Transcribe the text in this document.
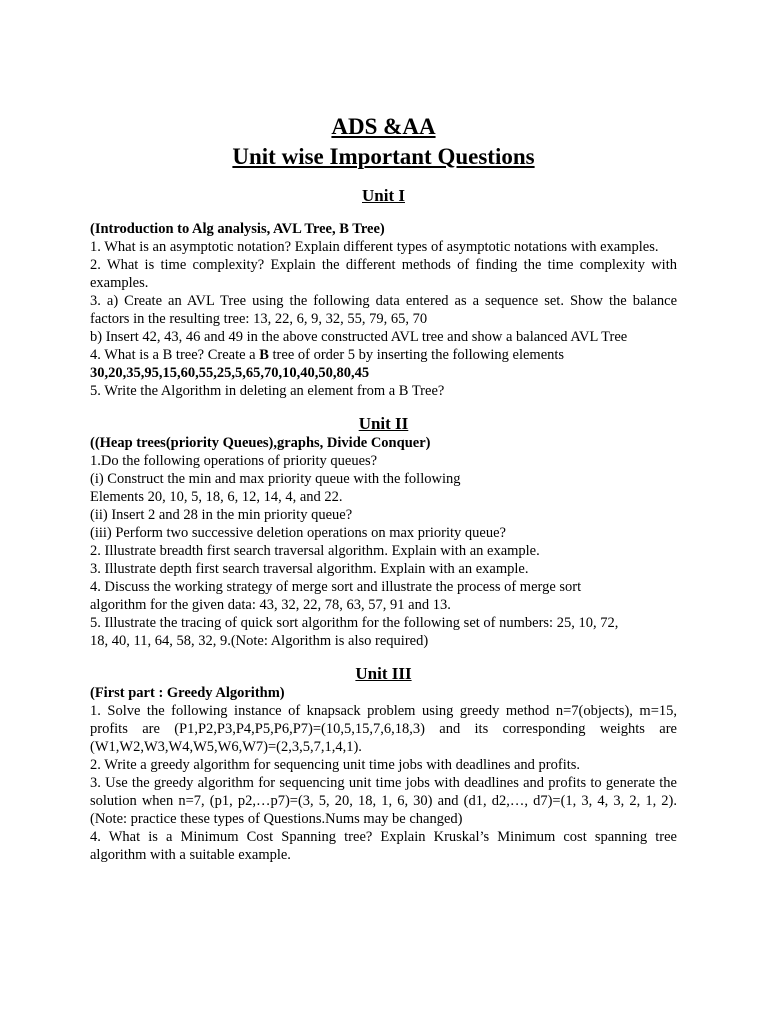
ADS &AA

Unit wise Important Questions

Unit I

(Introduction to Alg analysis, AVL Tree, B Tree)

1. What is an asymptotic notation? Explain different types of asymptotic notations with examples.

2. What is time complexity? Explain the different methods of finding the time complexity with examples.

3. a) Create an AVL Tree using the following data entered as a sequence set. Show the balance factors in the resulting tree: 13, 22, 6, 9, 32, 55, 79, 65, 70

b) Insert 42, 43, 46 and 49 in the above constructed AVL tree and show a balanced AVL Tree

4. What is a B tree? Create a B tree of order 5 by inserting the following elements

30,20,35,95,15,60,55,25,5,65,70,10,40,50,80,45

5. Write the Algorithm in deleting an element from a B Tree?

Unit II

((Heap trees(priority Queues),graphs, Divide Conquer)

1.Do the following operations of priority queues?

(i) Construct the min and max priority queue with the following

Elements 20, 10, 5, 18, 6, 12, 14, 4, and 22.

(ii) Insert 2 and 28 in the min priority queue?

(iii) Perform two successive deletion operations on max priority queue?

2. Illustrate breadth first search traversal algorithm. Explain with an example.

3. Illustrate depth first search traversal algorithm. Explain with an example.

4. Discuss the working strategy of merge sort and illustrate the process of merge sort

algorithm for the given data: 43, 32, 22, 78, 63, 57, 91 and 13.

5. Illustrate the tracing of quick sort algorithm for the following set of numbers: 25, 10, 72,

18, 40, 11, 64, 58, 32, 9.(Note: Algorithm is also required)

Unit III

(First part : Greedy Algorithm)

1. Solve the following instance of knapsack problem using greedy method n=7(objects), m=15, profits are (P1,P2,P3,P4,P5,P6,P7)=(10,5,15,7,6,18,3) and its corresponding weights are (W1,W2,W3,W4,W5,W6,W7)=(2,3,5,7,1,4,1).

2. Write a greedy algorithm for sequencing unit time jobs with deadlines and profits.

3. Use the greedy algorithm for sequencing unit time jobs with deadlines and profits to generate the solution when n=7, (p1, p2,…p7)=(3, 5, 20, 18, 1, 6, 30) and (d1, d2,…, d7)=(1, 3, 4, 3, 2, 1, 2). (Note: practice these types of Questions.Nums may be changed)

4. What is a Minimum Cost Spanning tree? Explain Kruskal’s Minimum cost spanning tree algorithm with a suitable example.
